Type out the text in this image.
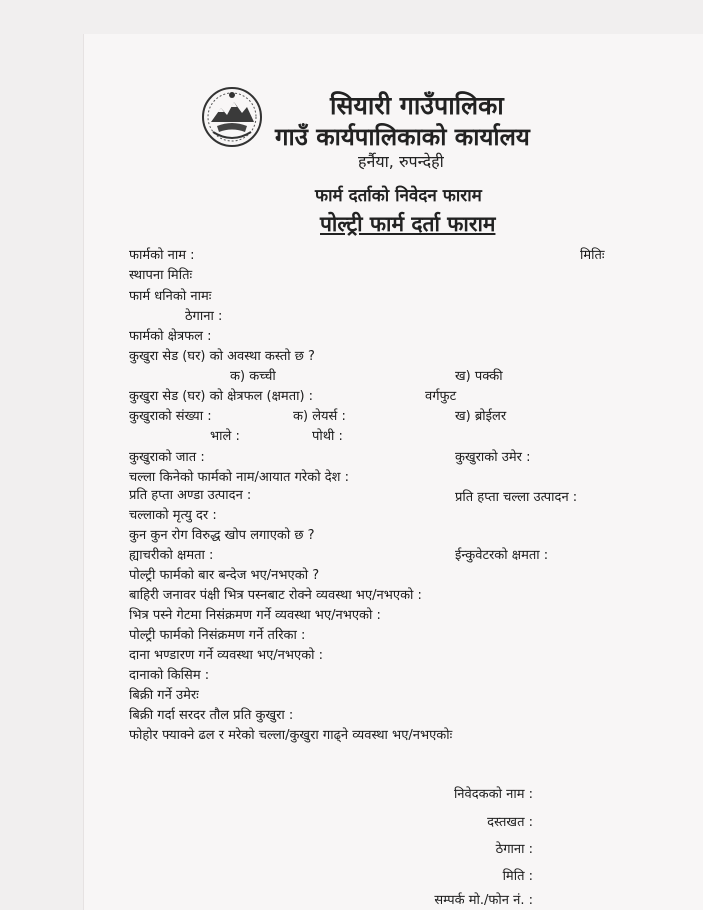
सियारी गाउँपालिका
गाउँ कार्यपालिकाको कार्यालय
हर्नैया, रुपन्देही
फार्म दर्ताको निवेदन फाराम
पोल्ट्री फार्म दर्ता फाराम
फार्मको नाम :	मितिः
स्थापना मितिः
फार्म धनिको नामः
ठेगाना :
फार्मको क्षेत्रफल :
कुखुरा सेड (घर) को अवस्था कस्तो छ ?
क) कच्ची	ख) पक्की
कुखुरा सेड (घर) को क्षेत्रफल (क्षमता) :	वर्गफुट
कुखुराको संख्या :	क) लेयर्स :	ख) ब्रोईलर
भाले :	पोथी :
कुखुराको जात :	कुखुराको उमेर :
चल्ला किनेको फार्मको नाम/आयात गरेको देश :
प्रति हप्ता अण्डा उत्पादन :	प्रति हप्ता चल्ला उत्पादन :
चल्लाको मृत्यु दर :
कुन कुन रोग विरुद्ध खोप लगाएको छ ?
ह्याचरीको क्षमता :	ईन्कुवेटरको क्षमता :
पोल्ट्री फार्मको बार बन्देज भए/नभएको ?
बाहिरी जनावर पंक्षी भित्र पस्नबाट रोक्ने व्यवस्था भए/नभएको :
भित्र पस्ने गेटमा निसंक्रमण गर्ने व्यवस्था भए/नभएको :
पोल्ट्री फार्मको निसंक्रमण गर्ने तरिका :
दाना भण्डारण गर्ने व्यवस्था भए/नभएको :
दानाको किसिम :
बिक्री गर्ने उमेरः
बिक्री गर्दा सरदर तौल प्रति कुखुरा :
फोहोर फ्याक्ने ढल र मरेको चल्ला/कुखुरा गाढ्ने व्यवस्था भए/नभएकोः
निवेदकको नाम :
दस्तखत :
ठेगाना :
मिति :
सम्पर्क मो./फोन नं. :
